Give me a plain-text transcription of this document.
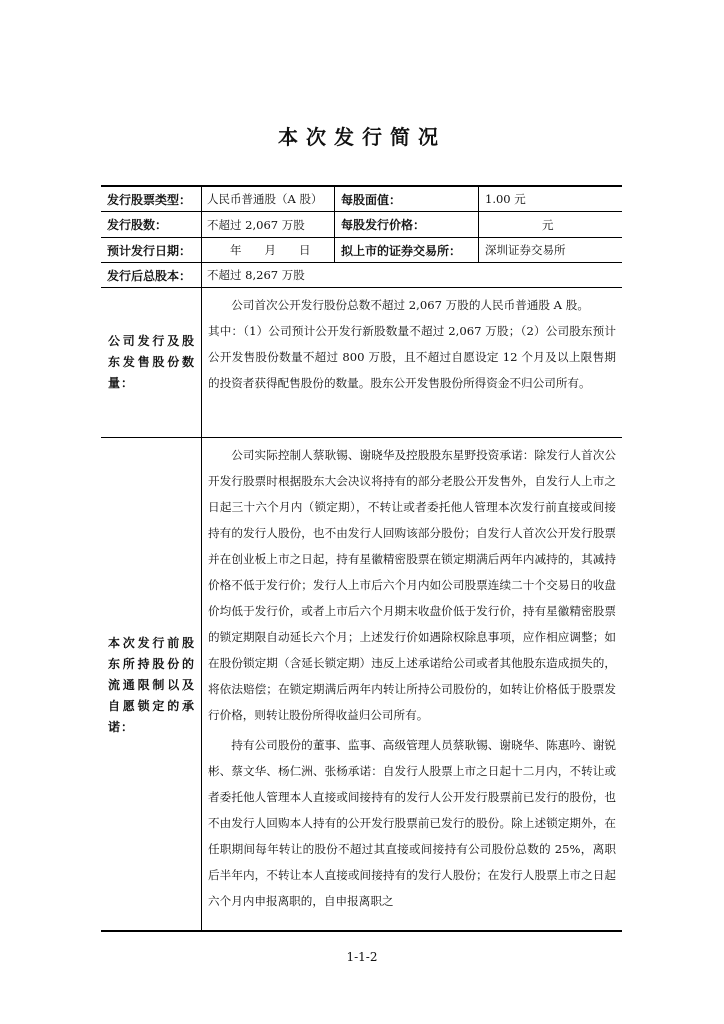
本次发行简况
发行股票类型：	人民币普通股（A 股）	每股面值：	1.00 元
发行股数：	不超过 2,067 万股	每股发行价格：	元
预计发行日期：	年　　月　　日	拟上市的证券交易所：	深圳证券交易所
发行后总股本：	不超过 8,267 万股
公司发行及股东发售股份数量：

公司首次公开发行股份总数不超过 2,067 万股的人民币普通股 A 股。

其中：（1）公司预计公开发行新股数量不超过 2,067 万股；（2）公司股东预计公开发售股份数量不超过 800 万股，且不超过自愿设定 12 个月及以上限售期的投资者获得配售股份的数量。股东公开发售股份所得资金不归公司所有。

本次发行前股东所持股份的流通限制以及自愿锁定的承诺：

公司实际控制人蔡耿锡、谢晓华及控股股东星野投资承诺：除发行人首次公开发行股票时根据股东大会决议将持有的部分老股公开发售外，自发行人上市之日起三十六个月内（锁定期），不转让或者委托他人管理本次发行前直接或间接持有的发行人股份，也不由发行人回购该部分股份；自发行人首次公开发行股票并在创业板上市之日起，持有星徽精密股票在锁定期满后两年内减持的，其减持价格不低于发行价；发行人上市后六个月内如公司股票连续二十个交易日的收盘价均低于发行价，或者上市后六个月期末收盘价低于发行价，持有星徽精密股票的锁定期限自动延长六个月；上述发行价如遇除权除息事项，应作相应调整；如在股份锁定期（含延长锁定期）违反上述承诺给公司或者其他股东造成损失的，将依法赔偿；在锁定期满后两年内转让所持公司股份的，如转让价格低于股票发行价格，则转让股份所得收益归公司所有。

持有公司股份的董事、监事、高级管理人员蔡耿锡、谢晓华、陈惠吟、谢锐彬、蔡文华、杨仁洲、张杨承诺：自发行人股票上市之日起十二月内，不转让或者委托他人管理本人直接或间接持有的发行人公开发行股票前已发行的股份，也不由发行人回购本人持有的公开发行股票前已发行的股份。除上述锁定期外，在任职期间每年转让的股份不超过其直接或间接持有公司股份总数的 25%，离职后半年内，不转让本人直接或间接持有的发行人股份；在发行人股票上市之日起六个月内申报离职的，自申报离职之

1-1-2
